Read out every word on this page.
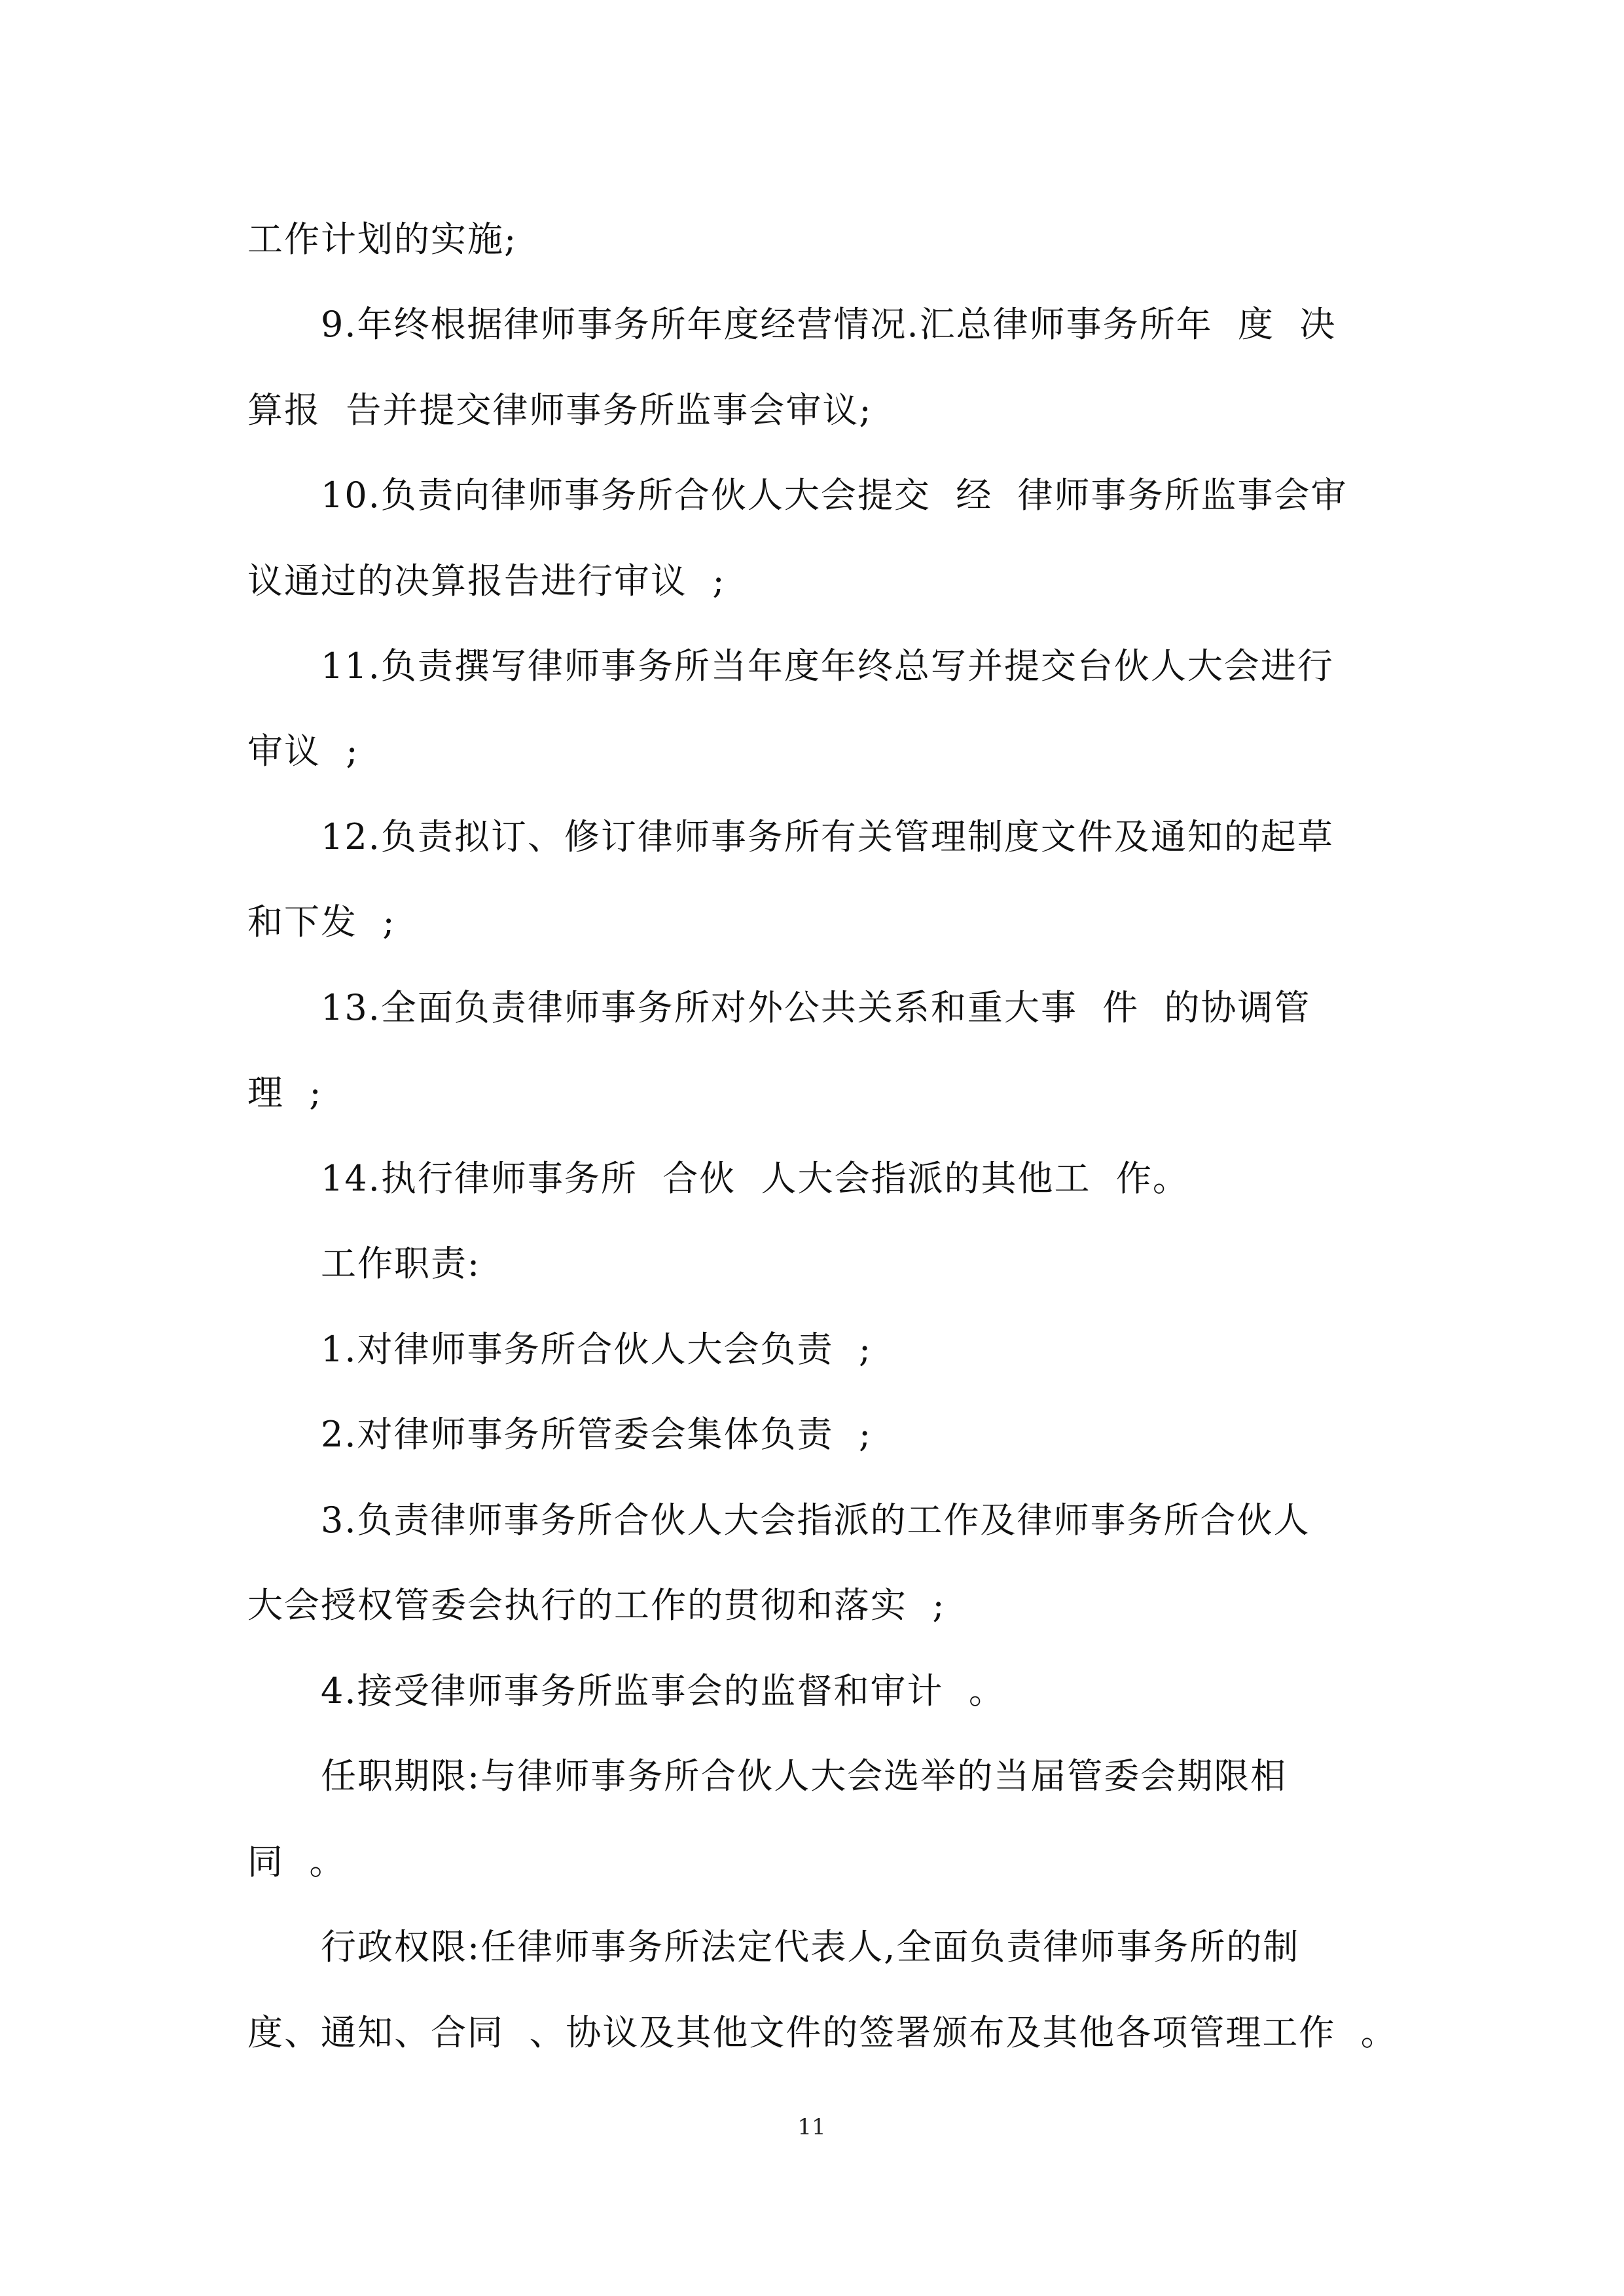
工作计划的实施;
9.年终根据律师事务所年度经营情况.汇总律师事务所年  度  决
算报  告并提交律师事务所监事会审议;
10.负责向律师事务所合伙人大会提交  经  律师事务所监事会审
议通过的决算报告进行审议  ;
11.负责撰写律师事务所当年度年终总写并提交台伙人大会进行
审议  ;
12.负责拟订、修订律师事务所有关管理制度文件及通知的起草
和下发  ;
13.全面负责律师事务所对外公共关系和重大事  件  的协调管
理  ;
14.执行律师事务所  合伙  人大会指派的其他工  作。
工作职责:
1.对律师事务所合伙人大会负责  ;
2.对律师事务所管委会集体负责  ;
3.负责律师事务所合伙人大会指派的工作及律师事务所合伙人
大会授权管委会执行的工作的贯彻和落实  ;
4.接受律师事务所监事会的监督和审计  。
任职期限:与律师事务所合伙人大会选举的当届管委会期限相
同  。
行政权限:任律师事务所法定代表人,全面负责律师事务所的制
度、通知、合同  、协议及其他文件的签署颁布及其他各项管理工作  。
11
